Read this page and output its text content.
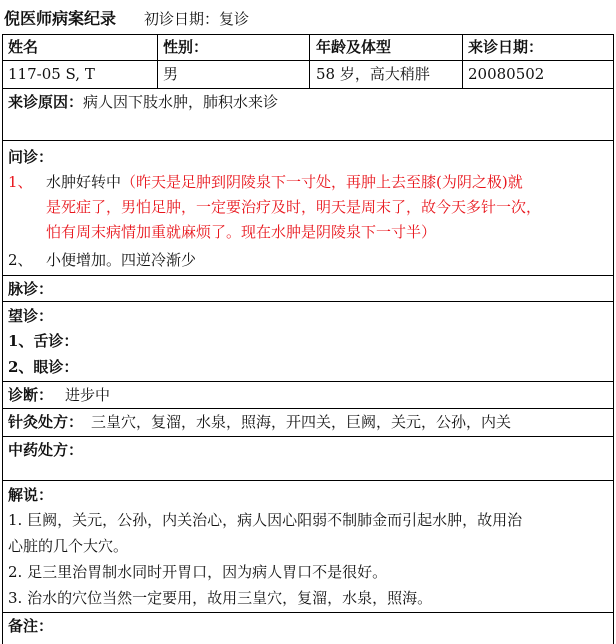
倪医师病案纪录 初诊日期：复诊
姓名	性别：	年龄及体型	来诊日期：
117-05 S, T	男	58 岁，高大稍胖	20080502
来诊原因：病人因下肢水肿，肺积水来诊
问诊：
1、 水肿好转中（昨天是足肿到阴陵泉下一寸处，再肿上去至膝(为阴之极)就
是死症了，男怕足肿，一定要治疗及时，明天是周末了，故今天多针一次，
怕有周末病情加重就麻烦了。现在水肿是阴陵泉下一寸半）
2、 小便增加。四逆冷渐少
脉诊：
望诊：
1、舌诊：
2、眼诊：
诊断： 进步中
针灸处方： 三皇穴，复溜，水泉，照海，开四关，巨阙，关元，公孙，内关
中药处方：
解说：
1. 巨阙，关元，公孙，内关治心，病人因心阳弱不制肺金而引起水肿，故用治
心脏的几个大穴。
2. 足三里治胃制水同时开胃口，因为病人胃口不是很好。
3. 治水的穴位当然一定要用，故用三皇穴，复溜，水泉，照海。
备注：
